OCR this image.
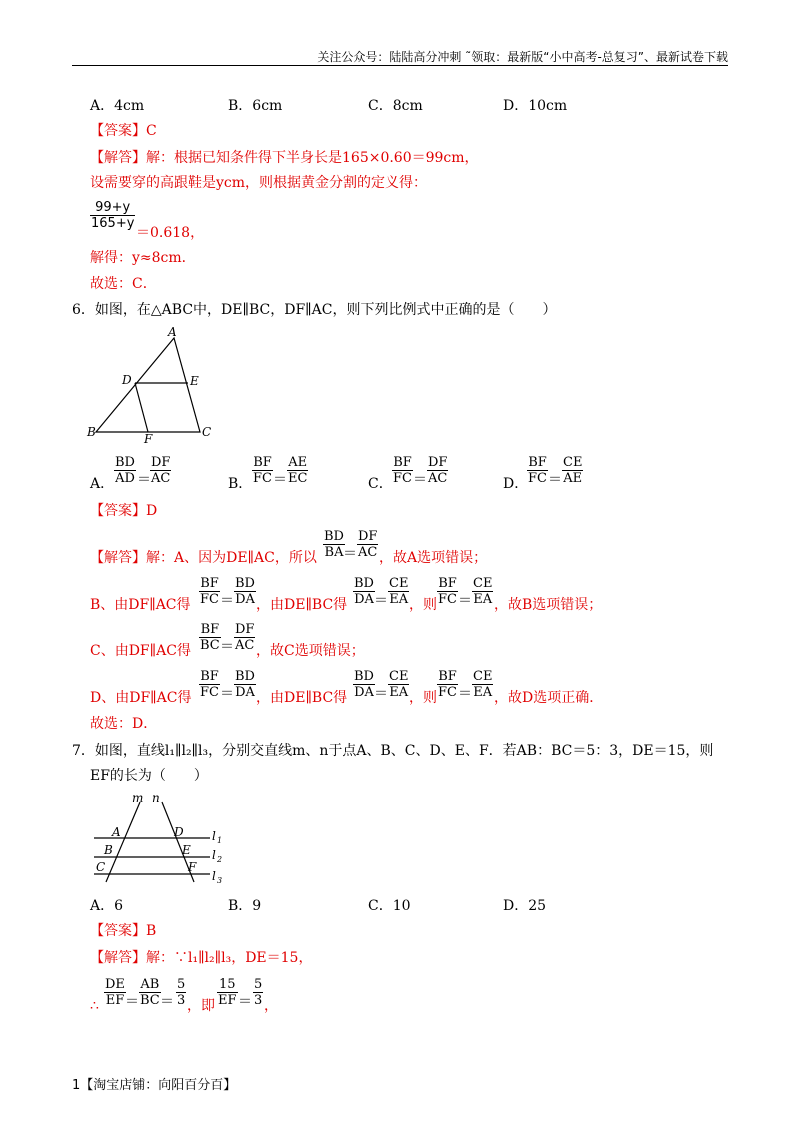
关注公众号：陆陆高分冲刺 ˜领取：最新版“小中高考-总复习”、最新试卷下载
A．4cm	B．6cm	C．8cm	D．10cm
【答案】C
【解答】解：根据已知条件得下半身长是165×0.60＝99cm，
设需要穿的高跟鞋是ycm，则根据黄金分割的定义得：
$\frac{99+y}{165+y}$
＝0.618，
解得：y≈8cm．
故选：C．
6．如图，在△ABC中，DE∥BC，DF∥AC，则下列比例式中正确的是（　　）
A
D	E
B	F	C
A． $\frac{BD}{AD} = \frac{DF}{AC}$	B． $\frac{BF}{FC} = \frac{AE}{EC}$	C． $\frac{BF}{FC} = \frac{DF}{AC}$	D．
$\frac{BF}{FC} = \frac{CE}{AE}$
【答案】D
【解答】解：A、因为DE∥AC，所以 $\frac{BD}{BA}$
＝ $\frac{DF}{AC}$ ，故A选项错误；
B、由DF∥AC得 $\frac{BF}{FC} = \frac{BD}{DA}$ ，由DE∥BC得 $\frac{BD}{DA} = \frac{CE}{EA}$ ，则 $\frac{BF}{FC} = \frac{CE}{EA}$ ，故B选项错误；
C、由DF∥AC得 $\frac{BF}{BC} = \frac{DF}{AC}$ ，故C选项错误；
D、由DF∥AC得 $\frac{BF}{FC} = \frac{BD}{DA}$ ，由DE∥BC得 $\frac{BD}{DA} = \frac{CE}{EA}$ ，则 $\frac{BF}{FC} = \frac{CE}{EA}$ ，故D选项正确．
故选：D．
7．如图，直线l₁∥l₂∥l₃，分别交直线m、n于点A、B、C、D、E、F．若AB：BC＝5：3，DE＝15，则
EF的长为（　　）
m n
A	D
B	E
C	F
l 1
l 2
l 3
A．6	B．9	C．10	D．25
【答案】B
【解答】解：∵l₁∥l₂∥l₃，DE＝15，
∴ $\frac{DE}{EF} = \frac{AB}{BC} = \frac{5}{3}$ ，即 $\frac{15}{EF} = \frac{5}{3}$ ，
1【淘宝店铺：向阳百分百】
